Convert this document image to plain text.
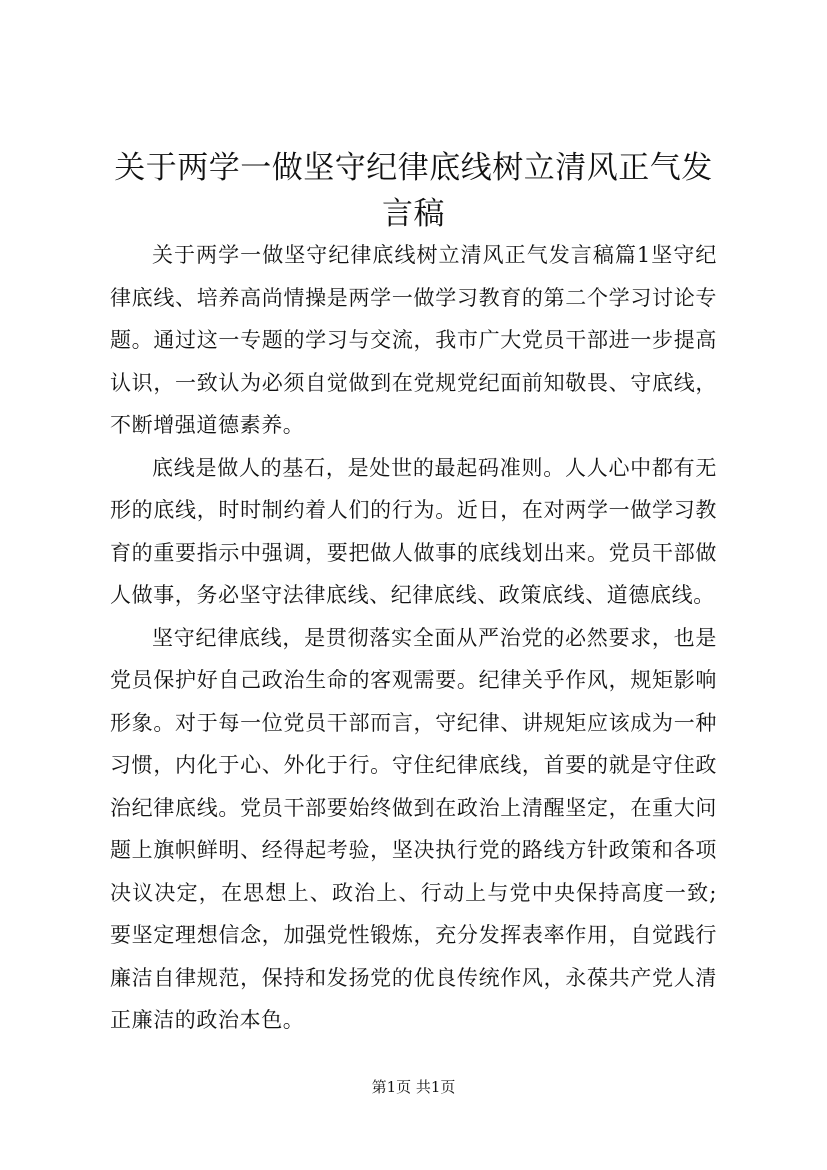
关于两学一做坚守纪律底线树立清风正气发言稿

关于两学一做坚守纪律底线树立清风正气发言稿篇1坚守纪律底线、培养高尚情操是两学一做学习教育的第二个学习讨论专题。通过这一专题的学习与交流，我市广大党员干部进一步提高认识，一致认为必须自觉做到在党规党纪面前知敬畏、守底线，不断增强道德素养。

底线是做人的基石，是处世的最起码准则。人人心中都有无形的底线，时时制约着人们的行为。近日，在对两学一做学习教育的重要指示中强调，要把做人做事的底线划出来。党员干部做人做事，务必坚守法律底线、纪律底线、政策底线、道德底线。

坚守纪律底线，是贯彻落实全面从严治党的必然要求，也是党员保护好自己政治生命的客观需要。纪律关乎作风，规矩影响形象。对于每一位党员干部而言，守纪律、讲规矩应该成为一种习惯，内化于心、外化于行。守住纪律底线，首要的就是守住政治纪律底线。党员干部要始终做到在政治上清醒坚定，在重大问题上旗帜鲜明、经得起考验，坚决执行党的路线方针政策和各项决议决定，在思想上、政治上、行动上与党中央保持高度一致;要坚定理想信念，加强党性锻炼，充分发挥表率作用，自觉践行廉洁自律规范，保持和发扬党的优良传统作风，永葆共产党人清正廉洁的政治本色。

第1页 共1页
